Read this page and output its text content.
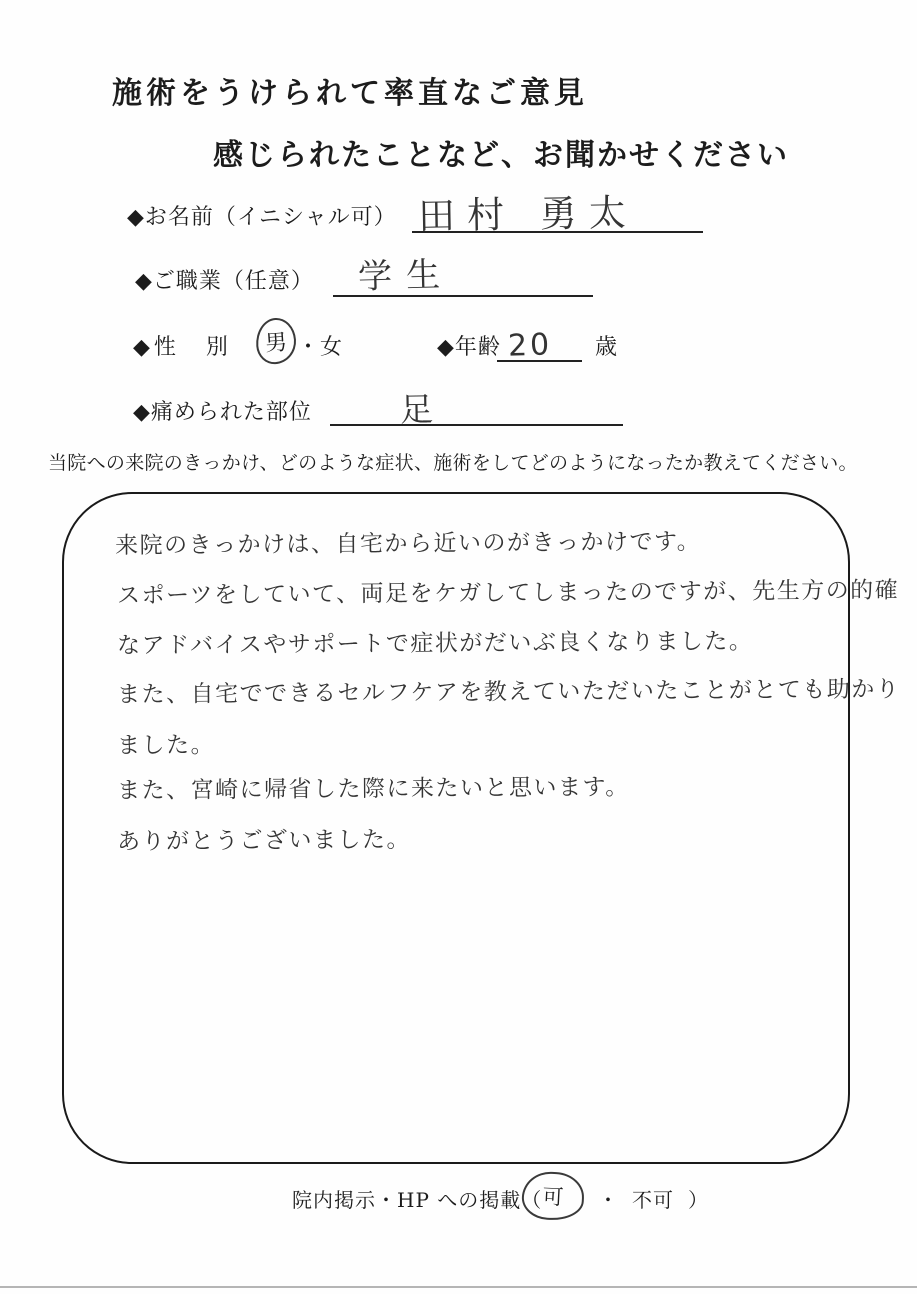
施術をうけられて率直なご意見
感じられたことなど、お聞かせください
◆お名前（イニシャル可） 田村 勇太
◆ご職業（任意） 学生
◆性　別 男 ・女	◆年齢 20 歳
◆痛められた部位	足
当院への来院のきっかけ、どのような症状、施術をしてどのようになったか教えてください。
来院のきっかけは、自宅から近いのがきっかけです。
スポーツをしていて、両足をケガしてしまったのですが、先生方の的確
なアドバイスやサポートで症状がだいぶ良くなりました。
また、自宅でできるセルフケアを教えていただいたことがとても助かり
ました。
また、宮崎に帰省した際に来たいと思います。
ありがとうございました。
院内掲示・HP への掲載（ 可 ・ 不可 ）
